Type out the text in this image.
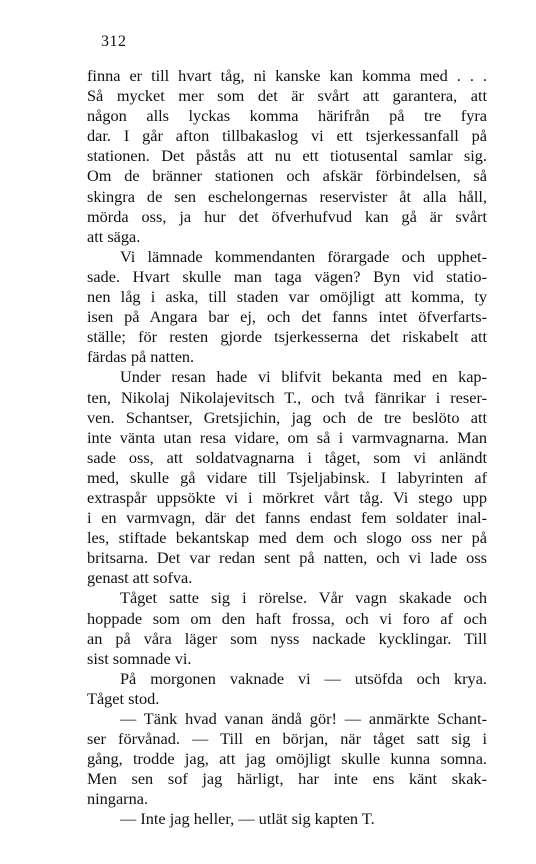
312
finna er till hvart tåg, ni kanske kan komma med . . .
Så mycket mer som det är svårt att garantera, att
någon alls lyckas komma härifrån på tre fyra
dar. I går afton tillbakaslog vi ett tsjerkessanfall på
stationen. Det påstås att nu ett tiotusental samlar sig.
Om de bränner stationen och afskär förbindelsen, så
skingra de sen eschelongernas reservister åt alla håll,
mörda oss, ja hur det öfverhufvud kan gå är svårt
att säga.
Vi lämnade kommendanten förargade och upphet-
sade. Hvart skulle man taga vägen? Byn vid statio-
nen låg i aska, till staden var omöjligt att komma, ty
isen på Angara bar ej, och det fanns intet öfverfarts-
ställe; för resten gjorde tsjerkesserna det riskabelt att
färdas på natten.
Under resan hade vi blifvit bekanta med en kap-
ten, Nikolaj Nikolajevitsch T., och två fänrikar i reser-
ven. Schantser, Gretsjichin, jag och de tre beslöto att
inte vänta utan resa vidare, om så i varmvagnarna. Man
sade oss, att soldatvagnarna i tåget, som vi anländt
med, skulle gå vidare till Tsjeljabinsk. I labyrinten af
extraspår uppsökte vi i mörkret vårt tåg. Vi stego upp
i en varmvagn, där det fanns endast fem soldater inal-
les, stiftade bekantskap med dem och slogo oss ner på
britsarna. Det var redan sent på natten, och vi lade oss
genast att sofva.
Tåget satte sig i rörelse. Vår vagn skakade och
hoppade som om den haft frossa, och vi foro af och
an på våra läger som nyss nackade kycklingar. Till
sist somnade vi.
På morgonen vaknade vi — utsöfda och krya.
Tåget stod.
— Tänk hvad vanan ändå gör! — anmärkte Schant-
ser förvånad. — Till en början, när tåget satt sig i
gång, trodde jag, att jag omöjligt skulle kunna somna.
Men sen sof jag härligt, har inte ens känt skak-
ningarna.
— Inte jag heller, — utlät sig kapten T.
